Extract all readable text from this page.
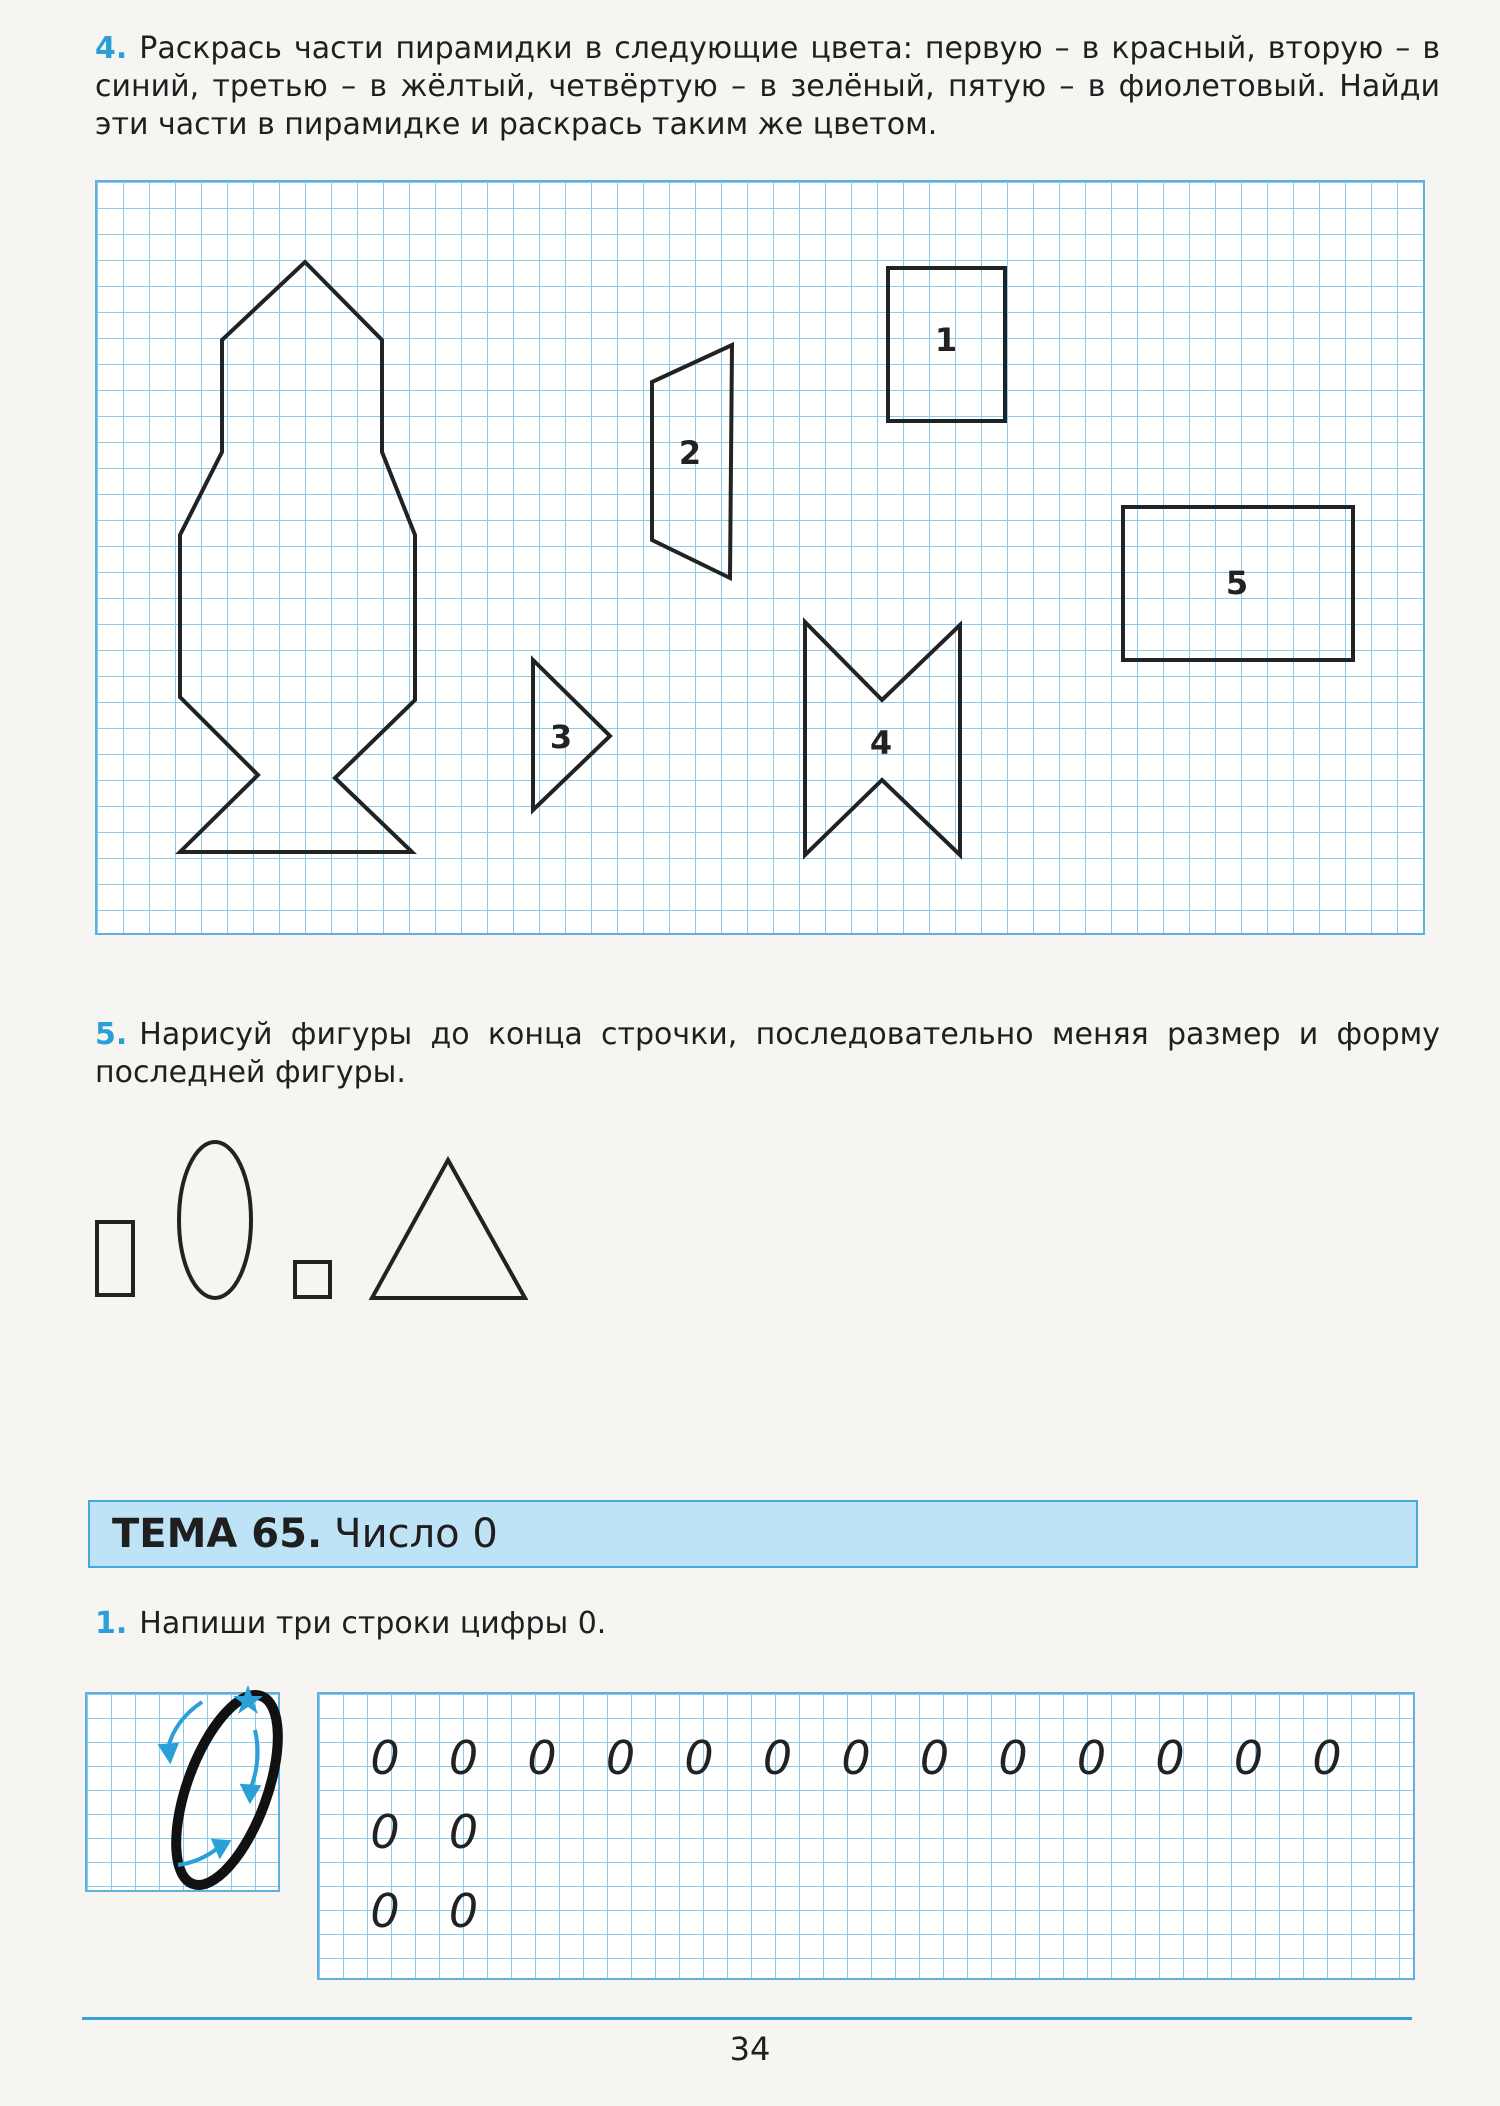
4. Раскрась части пирамидки в следующие цвета: первую – в красный, вторую – в синий, третью – в жёлтый, четвёртую – в зелёный, пятую – в фиолетовый. Найди эти части в пирамидке и раскрась таким же цветом.
1
2
3	4
5
5. Нарисуй фигуры до конца строчки, последовательно меняя размер и форму последней фигуры.
ТЕМА 65. Число 0
1. Напиши три строки цифры 0.
0 0 0 0 0 0 0 0 0 0 0 0 0
0 0
0 0
34
